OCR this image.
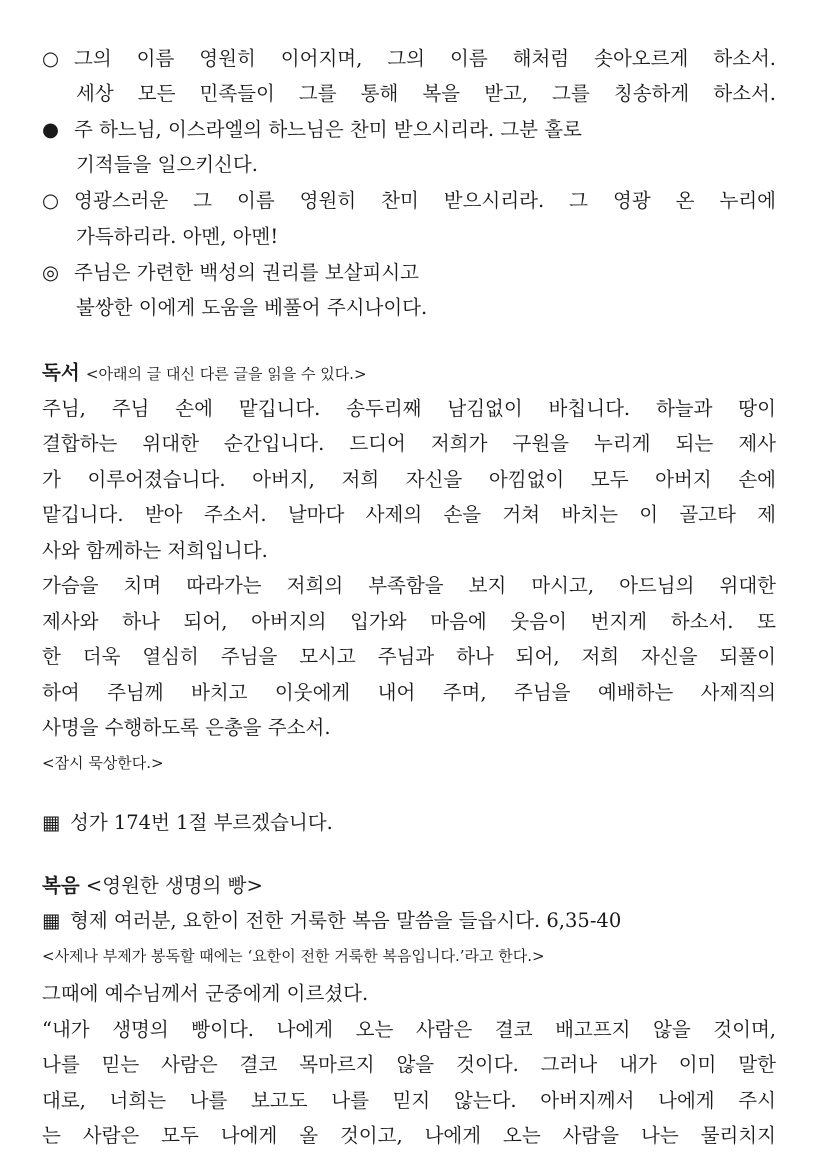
○ 그의 이름 영원히 이어지며, 그의 이름 해처럼 솟아오르게 하소서.
세상 모든 민족들이 그를 통해 복을 받고, 그를 칭송하게 하소서.
● 주 하느님, 이스라엘의 하느님은 찬미 받으시리라. 그분 홀로
기적들을 일으키신다.
○ 영광스러운 그 이름 영원히 찬미 받으시리라. 그 영광 온 누리에
가득하리라. 아멘, 아멘!
◎ 주님은 가련한 백성의 권리를 보살피시고
불쌍한 이에게 도움을 베풀어 주시나이다.
독서 <아래의 글 대신 다른 글을 읽을 수 있다.>
주님, 주님 손에 맡깁니다. 송두리째 남김없이 바칩니다. 하늘과 땅이
결합하는 위대한 순간입니다. 드디어 저희가 구원을 누리게 되는 제사
가 이루어졌습니다. 아버지, 저희 자신을 아낌없이 모두 아버지 손에
맡깁니다. 받아 주소서. 날마다 사제의 손을 거쳐 바치는 이 골고타 제
사와 함께하는 저희입니다.
가슴을 치며 따라가는 저희의 부족함을 보지 마시고, 아드님의 위대한
제사와 하나 되어, 아버지의 입가와 마음에 웃음이 번지게 하소서. 또
한 더욱 열심히 주님을 모시고 주님과 하나 되어, 저희 자신을 되풀이
하여 주님께 바치고 이웃에게 내어 주며, 주님을 예배하는 사제직의
사명을 수행하도록 은총을 주소서.
<잠시 묵상한다.>
▦ 성가 174번 1절 부르겠습니다.
복음 <영원한 생명의 빵>
▦ 형제 여러분, 요한이 전한 거룩한 복음 말씀을 들읍시다. 6,35-40
<사제나 부제가 봉독할 때에는 ‘요한이 전한 거룩한 복음입니다.’라고 한다.>
그때에 예수님께서 군중에게 이르셨다.
“내가 생명의 빵이다. 나에게 오는 사람은 결코 배고프지 않을 것이며,
나를 믿는 사람은 결코 목마르지 않을 것이다. 그러나 내가 이미 말한
대로, 너희는 나를 보고도 나를 믿지 않는다. 아버지께서 나에게 주시
는 사람은 모두 나에게 올 것이고, 나에게 오는 사람을 나는 물리치지
